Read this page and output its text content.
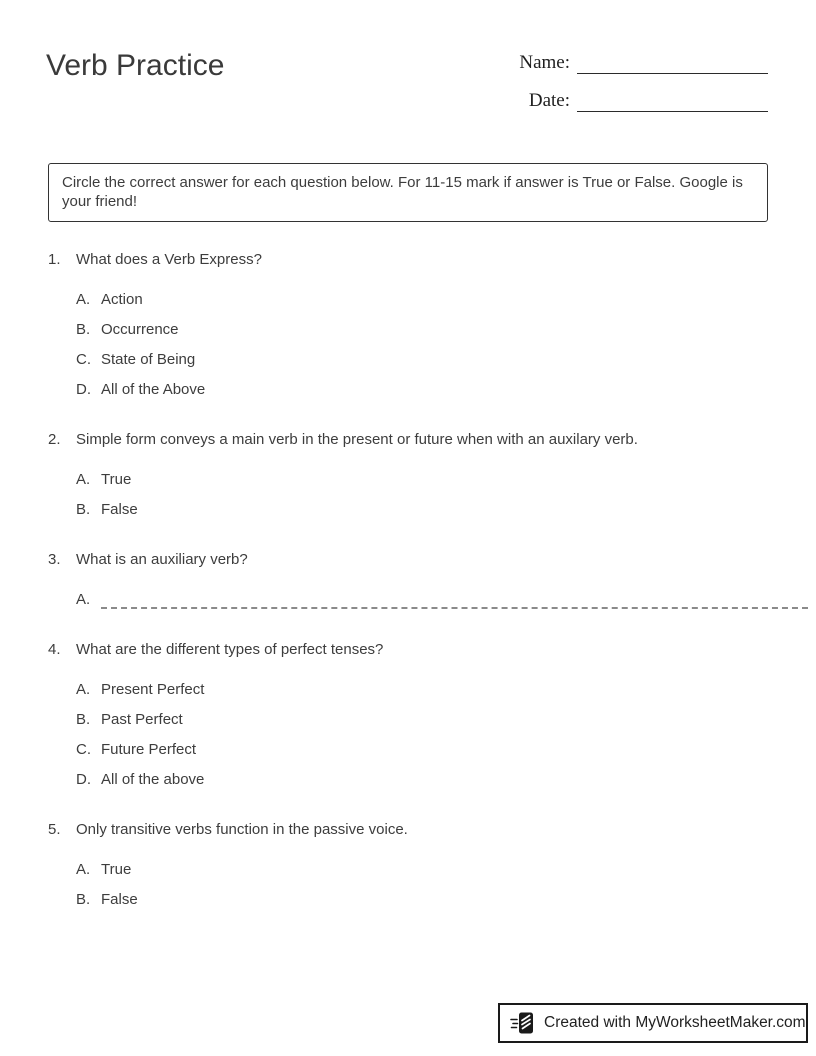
Verb Practice	Name:
Date:
Circle the correct answer for each question below. For 11-15 mark if answer is True or False. Google is your friend!
1.	What does a Verb Express?
A. Action
B. Occurrence
C. State of Being
D. All of the Above
2.	Simple form conveys a main verb in the present or future when with an auxilary verb.
A. True
B. False
3.	What is an auxiliary verb?
A.
4.	What are the different types of perfect tenses?
A. Present Perfect
B. Past Perfect
C. Future Perfect
D. All of the above
5.	Only transitive verbs function in the passive voice.
A. True
B. False
Created with MyWorksheetMaker.com
